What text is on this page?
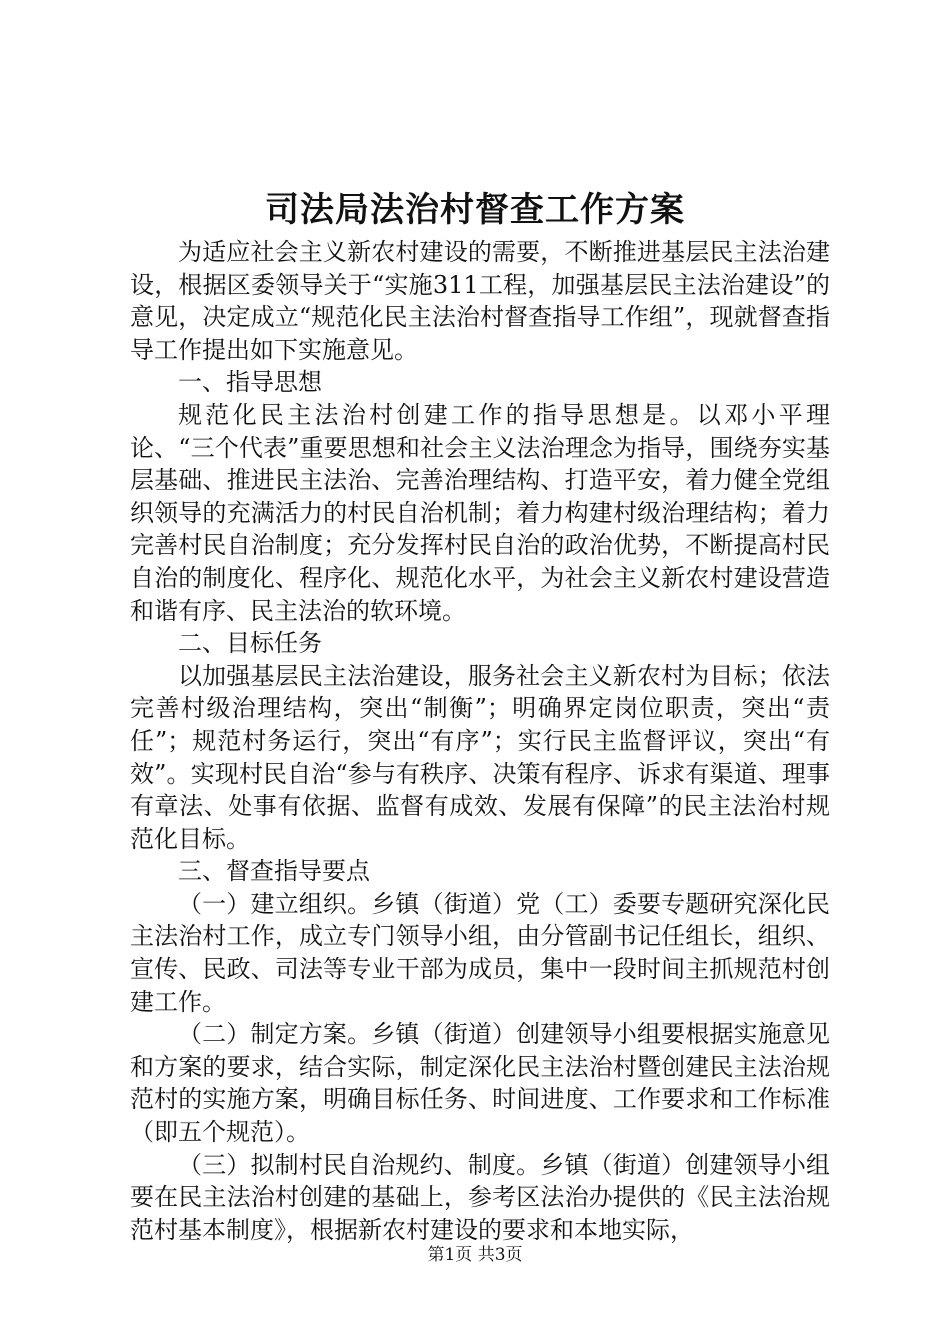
司法局法治村督查工作方案

为适应社会主义新农村建设的需要，不断推进基层民主法治建设，根据区委领导关于“实施311工程，加强基层民主法治建设”的意见，决定成立“规范化民主法治村督查指导工作组”，现就督查指导工作提出如下实施意见。

一、指导思想

规范化民主法治村创建工作的指导思想是。以邓小平理论、“三个代表”重要思想和社会主义法治理念为指导，围绕夯实基层基础、推进民主法治、完善治理结构、打造平安，着力健全党组织领导的充满活力的村民自治机制；着力构建村级治理结构；着力完善村民自治制度；充分发挥村民自治的政治优势，不断提高村民自治的制度化、程序化、规范化水平，为社会主义新农村建设营造和谐有序、民主法治的软环境。

二、目标任务

以加强基层民主法治建设，服务社会主义新农村为目标；依法完善村级治理结构，突出“制衡”；明确界定岗位职责，突出“责任”；规范村务运行，突出“有序”；实行民主监督评议，突出“有效”。实现村民自治“参与有秩序、决策有程序、诉求有渠道、理事有章法、处事有依据、监督有成效、发展有保障”的民主法治村规范化目标。

三、督查指导要点

（一）建立组织。乡镇（街道）党（工）委要专题研究深化民主法治村工作，成立专门领导小组，由分管副书记任组长，组织、宣传、民政、司法等专业干部为成员，集中一段时间主抓规范村创建工作。

（二）制定方案。乡镇（街道）创建领导小组要根据实施意见和方案的要求，结合实际，制定深化民主法治村暨创建民主法治规范村的实施方案，明确目标任务、时间进度、工作要求和工作标准（即五个规范）。

（三）拟制村民自治规约、制度。乡镇（街道）创建领导小组要在民主法治村创建的基础上，参考区法治办提供的《民主法治规范村基本制度》，根据新农村建设的要求和本地实际，

第1页 共3页
